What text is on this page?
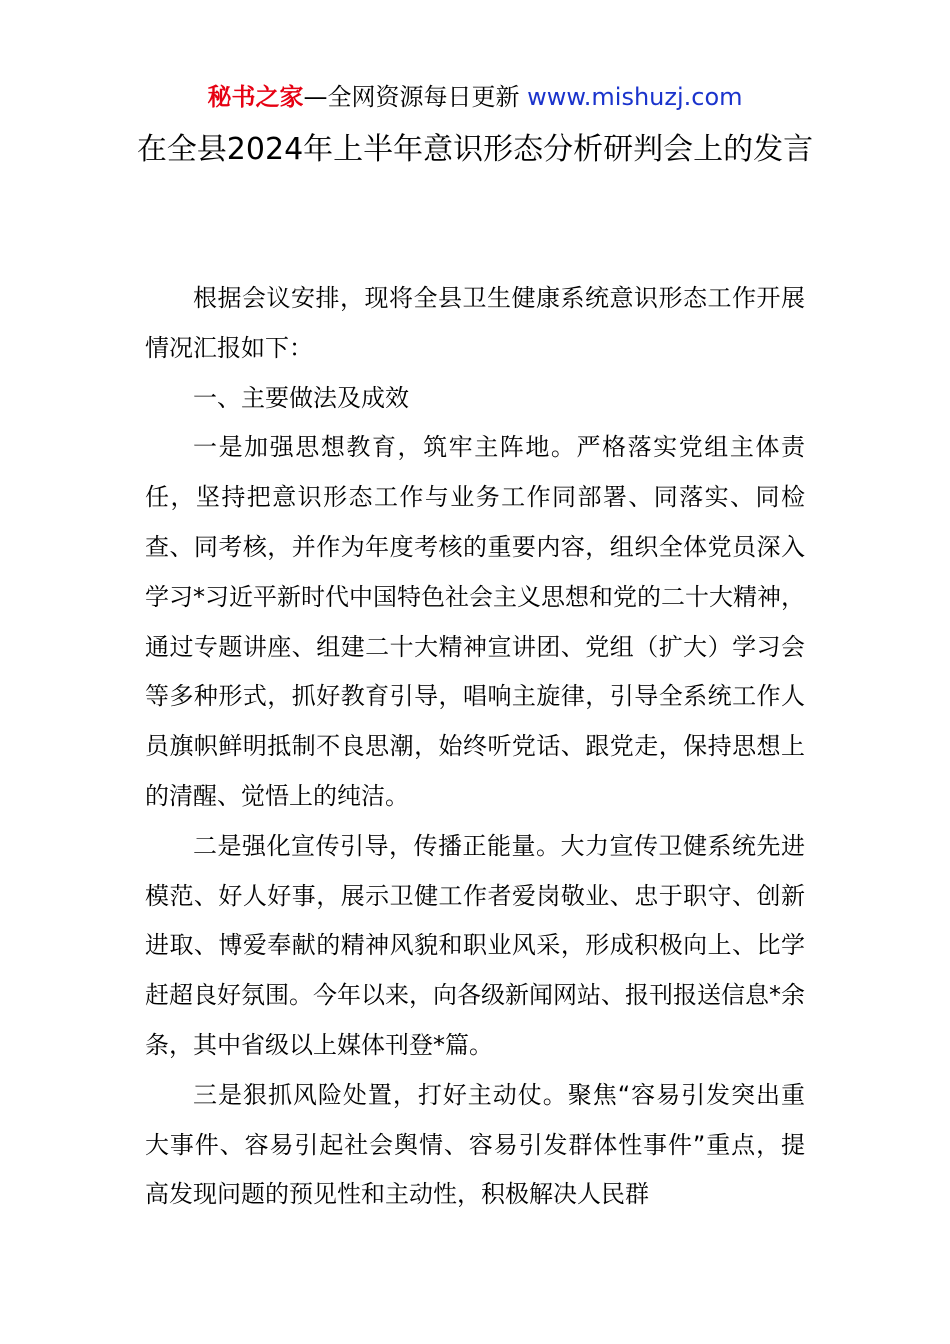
秘书之家—全网资源每日更新 www.mishuzj.com
在全县2024年上半年意识形态分析研判会上的发言

根据会议安排，现将全县卫生健康系统意识形态工作开展情况汇报如下：

一、主要做法及成效

一是加强思想教育，筑牢主阵地。严格落实党组主体责任，坚持把意识形态工作与业务工作同部署、同落实、同检查、同考核，并作为年度考核的重要内容，组织全体党员深入学习*习近平新时代中国特色社会主义思想和党的二十大精神，通过专题讲座、组建二十大精神宣讲团、党组（扩大）学习会等多种形式，抓好教育引导，唱响主旋律，引导全系统工作人员旗帜鲜明抵制不良思潮，始终听党话、跟党走，保持思想上的清醒、觉悟上的纯洁。

二是强化宣传引导，传播正能量。大力宣传卫健系统先进模范、好人好事，展示卫健工作者爱岗敬业、忠于职守、创新进取、博爱奉献的精神风貌和职业风采，形成积极向上、比学赶超良好氛围。今年以来，向各级新闻网站、报刊报送信息*余条，其中省级以上媒体刊登*篇。

三是狠抓风险处置，打好主动仗。聚焦“容易引发突出重大事件、容易引起社会舆情、容易引发群体性事件”重点，提高发现问题的预见性和主动性，积极解决人民群
